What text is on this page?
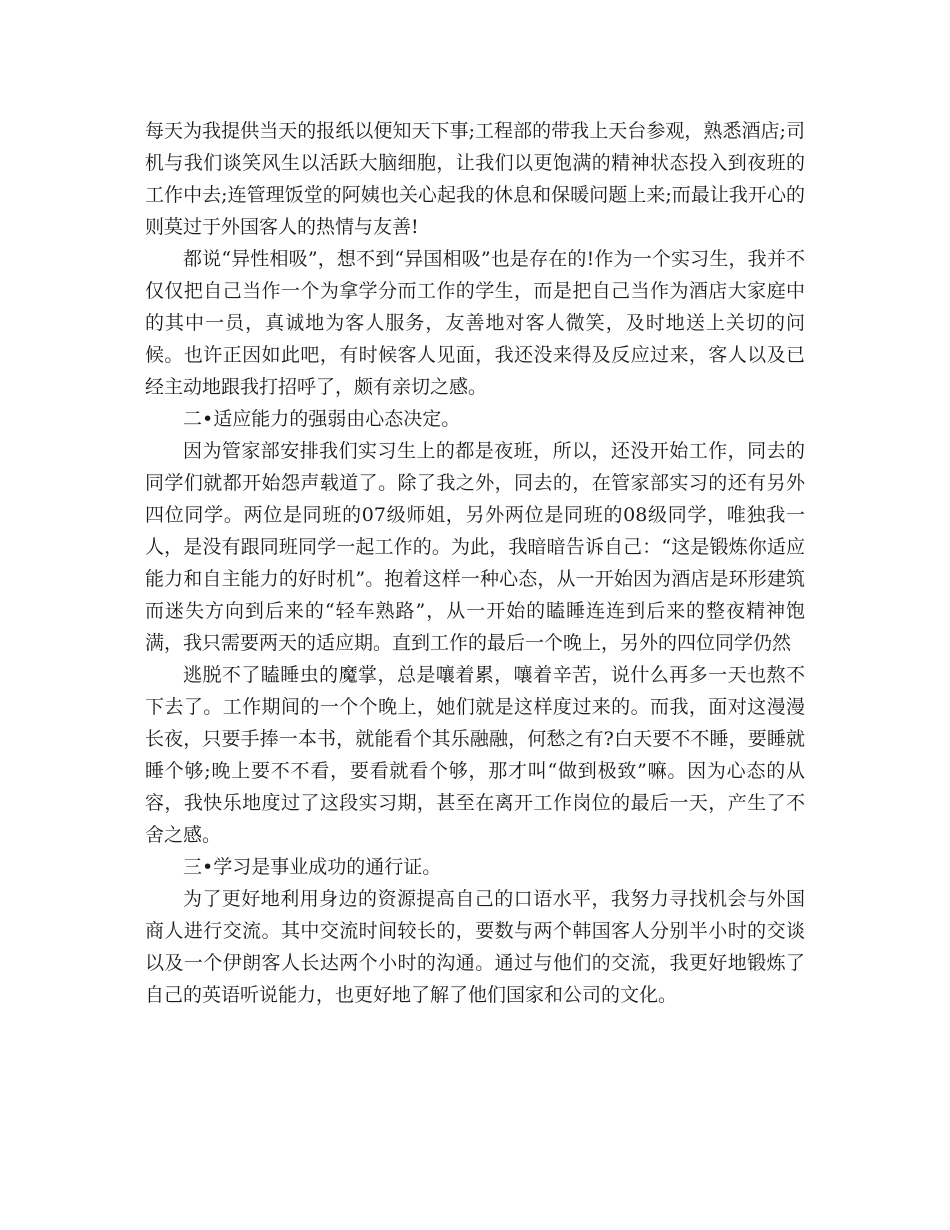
每天为我提供当天的报纸以便知天下事;工程部的带我上天台参观，熟悉酒店;司机与我们谈笑风生以活跃大脑细胞，让我们以更饱满的精神状态投入到夜班的工作中去;连管理饭堂的阿姨也关心起我的休息和保暖问题上来;而最让我开心的则莫过于外国客人的热情与友善!

都说“异性相吸”，想不到“异国相吸”也是存在的!作为一个实习生，我并不仅仅把自己当作一个为拿学分而工作的学生，而是把自己当作为酒店大家庭中的其中一员，真诚地为客人服务，友善地对客人微笑，及时地送上关切的问候。也许正因如此吧，有时候客人见面，我还没来得及反应过来，客人以及已经主动地跟我打招呼了，颇有亲切之感。

二•适应能力的强弱由心态决定。

因为管家部安排我们实习生上的都是夜班，所以，还没开始工作，同去的同学们就都开始怨声载道了。除了我之外，同去的，在管家部实习的还有另外四位同学。两位是同班的07级师姐，另外两位是同班的08级同学，唯独我一人，是没有跟同班同学一起工作的。为此，我暗暗告诉自己：“这是锻炼你适应能力和自主能力的好时机”。抱着这样一种心态，从一开始因为酒店是环形建筑而迷失方向到后来的“轻车熟路”，从一开始的瞌睡连连到后来的整夜精神饱满，我只需要两天的适应期。直到工作的最后一个晚上，另外的四位同学仍然

逃脱不了瞌睡虫的魔掌，总是嚷着累，嚷着辛苦，说什么再多一天也熬不下去了。工作期间的一个个晚上，她们就是这样度过来的。而我，面对这漫漫长夜，只要手捧一本书，就能看个其乐融融，何愁之有?白天要不不睡，要睡就睡个够;晚上要不不看，要看就看个够，那才叫“做到极致”嘛。因为心态的从容，我快乐地度过了这段实习期，甚至在离开工作岗位的最后一天，产生了不舍之感。

三•学习是事业成功的通行证。

为了更好地利用身边的资源提高自己的口语水平，我努力寻找机会与外国商人进行交流。其中交流时间较长的，要数与两个韩国客人分别半小时的交谈以及一个伊朗客人长达两个小时的沟通。通过与他们的交流，我更好地锻炼了自己的英语听说能力，也更好地了解了他们国家和公司的文化。
